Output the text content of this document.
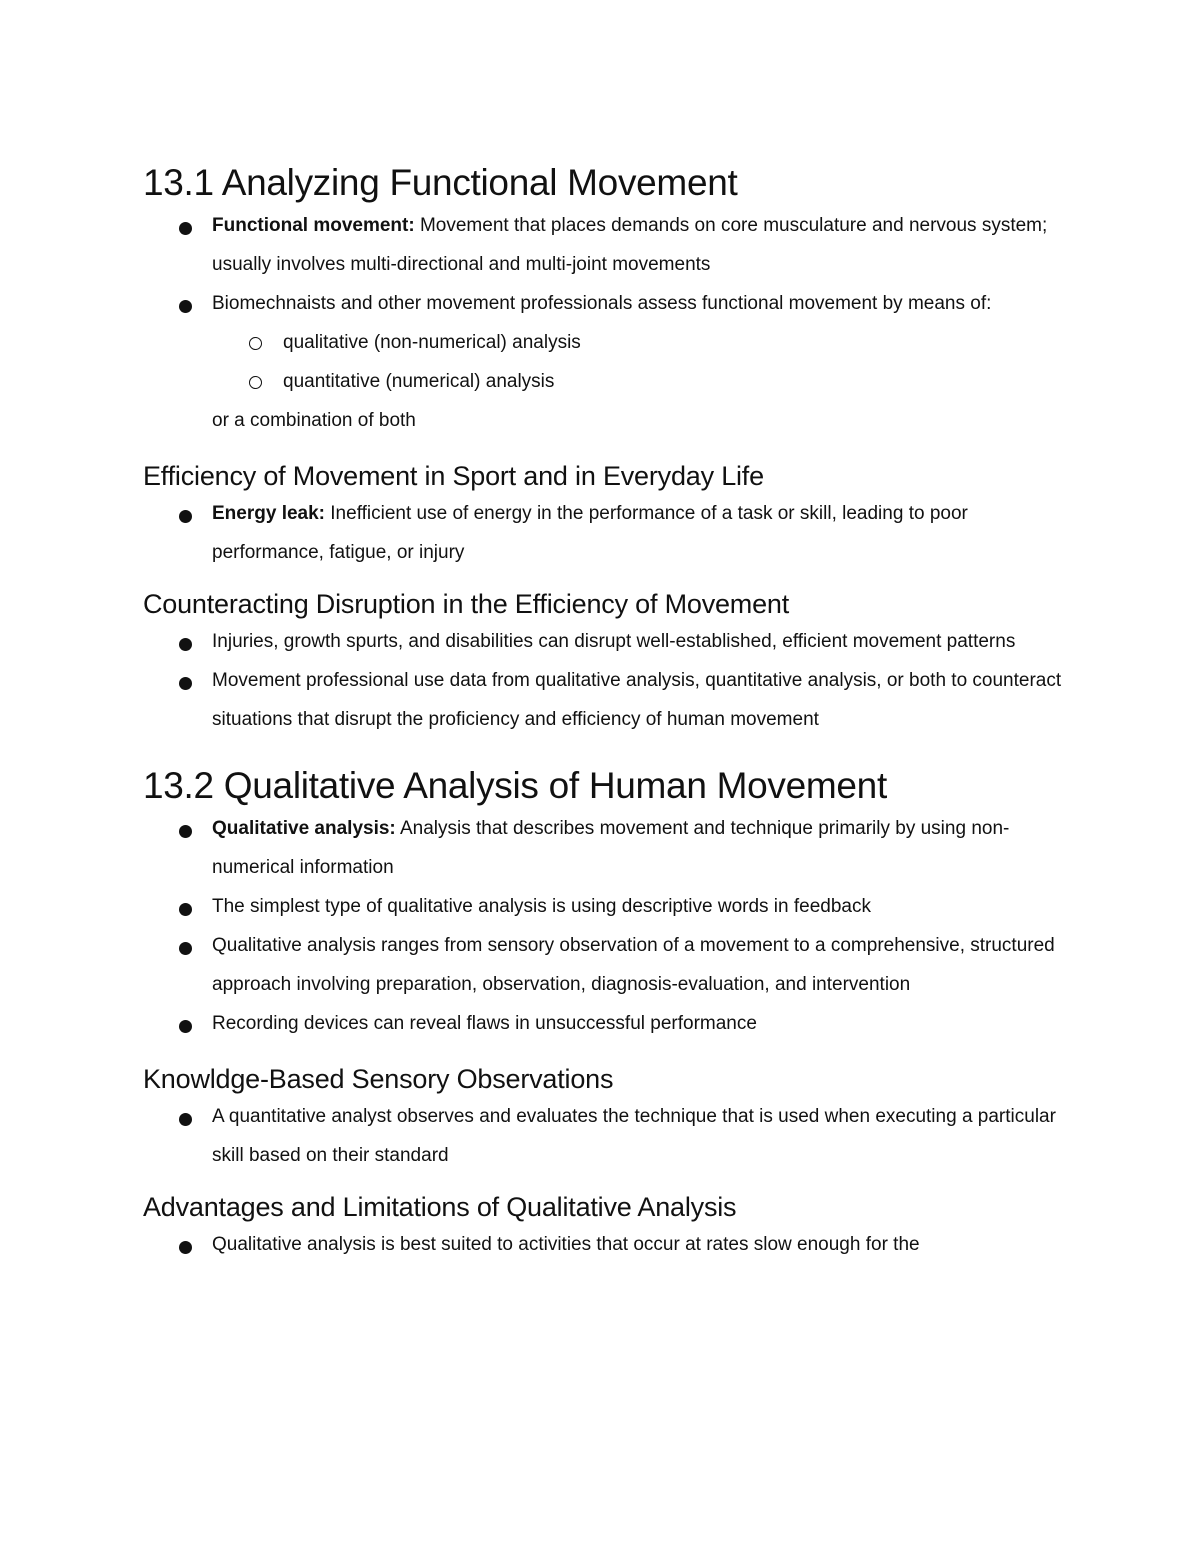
13.1 Analyzing Functional Movement
Functional movement: Movement that places demands on core musculature and nervous system; usually involves multi-directional and multi-joint movements
Biomechnaists and other movement professionals assess functional movement by means of:
qualitative (non-numerical) analysis
quantitative (numerical) analysis
or a combination of both
Efficiency of Movement in Sport and in Everyday Life
Energy leak: Inefficient use of energy in the performance of a task or skill, leading to poor performance, fatigue, or injury
Counteracting Disruption in the Efficiency of Movement
Injuries, growth spurts, and disabilities can disrupt well-established, efficient movement patterns
Movement professional use data from qualitative analysis, quantitative analysis, or both to counteract situations that disrupt the proficiency and efficiency of human movement
13.2 Qualitative Analysis of Human Movement
Qualitative analysis: Analysis that describes movement and technique primarily by using non-numerical information
The simplest type of qualitative analysis is using descriptive words in feedback
Qualitative analysis ranges from sensory observation of a movement to a comprehensive, structured approach involving preparation, observation, diagnosis-evaluation, and intervention
Recording devices can reveal flaws in unsuccessful performance
Knowldge-Based Sensory Observations
A quantitative analyst observes and evaluates the technique that is used when executing a particular skill based on their standard
Advantages and Limitations of Qualitative Analysis
Qualitative analysis is best suited to activities that occur at rates slow enough for the
